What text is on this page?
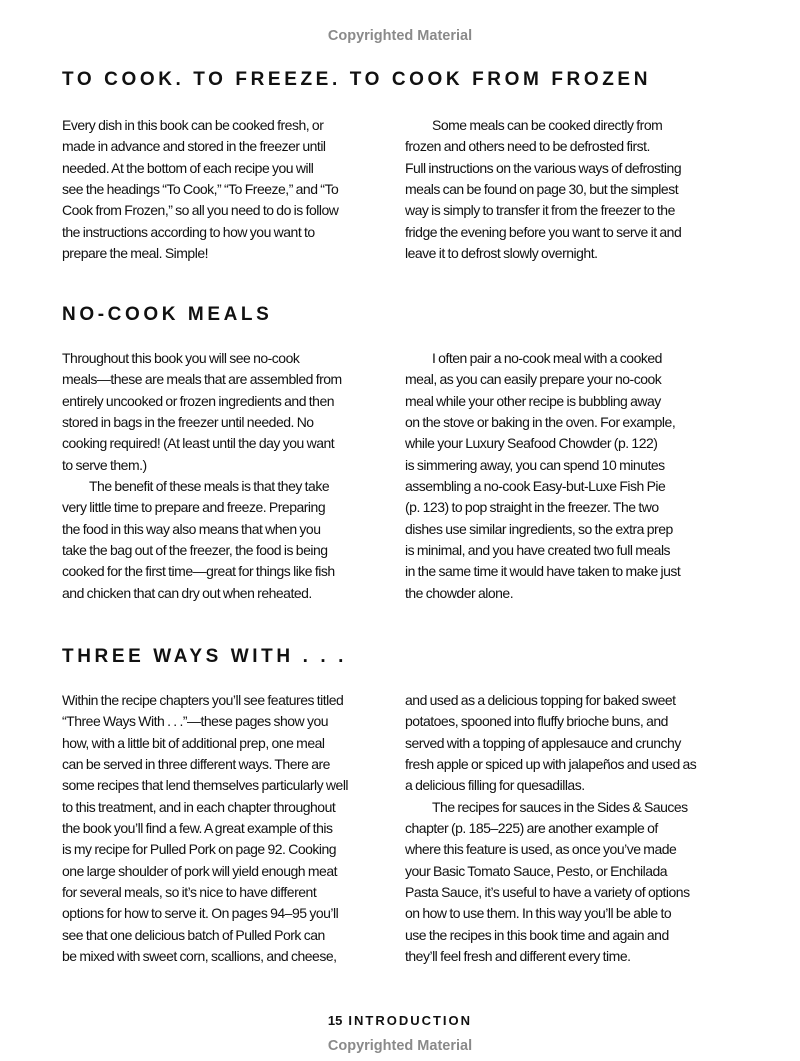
Copyrighted Material
TO COOK. TO FREEZE. TO COOK FROM FROZEN
Every dish in this book can be cooked fresh, or
made in advance and stored in the freezer until
needed. At the bottom of each recipe you will
see the headings “To Cook,” “To Freeze,” and “To
Cook from Frozen,” so all you need to do is follow
the instructions according to how you want to
prepare the meal. Simple!
Some meals can be cooked directly from
frozen and others need to be defrosted first.
Full instructions on the various ways of defrosting
meals can be found on page 30, but the simplest
way is simply to transfer it from the freezer to the
fridge the evening before you want to serve it and
leave it to defrost slowly overnight.
NO-COOK MEALS
Throughout this book you will see no-cook
meals—these are meals that are assembled from
entirely uncooked or frozen ingredients and then
stored in bags in the freezer until needed. No
cooking required! (At least until the day you want
to serve them.)
The benefit of these meals is that they take
very little time to prepare and freeze. Preparing
the food in this way also means that when you
take the bag out of the freezer, the food is being
cooked for the first time—great for things like fish
and chicken that can dry out when reheated.
I often pair a no-cook meal with a cooked
meal, as you can easily prepare your no-cook
meal while your other recipe is bubbling away
on the stove or baking in the oven. For example,
while your Luxury Seafood Chowder (p. 122)
is simmering away, you can spend 10 minutes
assembling a no-cook Easy-but-Luxe Fish Pie
(p. 123) to pop straight in the freezer. The two
dishes use similar ingredients, so the extra prep
is minimal, and you have created two full meals
in the same time it would have taken to make just
the chowder alone.
THREE WAYS WITH . . .
Within the recipe chapters you’ll see features titled
“Three Ways With . . .”—these pages show you
how, with a little bit of additional prep, one meal
can be served in three different ways. There are
some recipes that lend themselves particularly well
to this treatment, and in each chapter throughout
the book you’ll find a few. A great example of this
is my recipe for Pulled Pork on page 92. Cooking
one large shoulder of pork will yield enough meat
for several meals, so it’s nice to have different
options for how to serve it. On pages 94–95 you’ll
see that one delicious batch of Pulled Pork can
be mixed with sweet corn, scallions, and cheese,
and used as a delicious topping for baked sweet
potatoes, spooned into fluffy brioche buns, and
served with a topping of applesauce and crunchy
fresh apple or spiced up with jalapeños and used as
a delicious filling for quesadillas.
The recipes for sauces in the Sides & Sauces
chapter (p. 185–225) are another example of
where this feature is used, as once you’ve made
your Basic Tomato Sauce, Pesto, or Enchilada
Pasta Sauce, it’s useful to have a variety of options
on how to use them. In this way you’ll be able to
use the recipes in this book time and again and
they’ll feel fresh and different every time.
15 INTRODUCTION
Copyrighted Material
